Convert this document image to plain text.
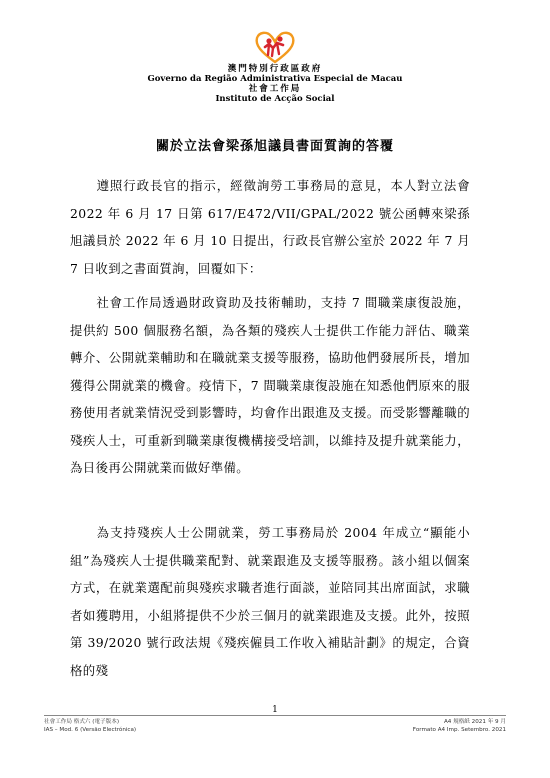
澳門特別行政區政府
Governo da Região Administrativa Especial de Macau
社會工作局
Instituto de Acção Social
關於立法會梁孫旭議員書面質詢的答覆
遵照行政長官的指示，經徵詢勞工事務局的意見，本人對立法會 2022 年 6 月 17 日第 617/E472/VII/GPAL/2022 號公函轉來梁孫旭議員於 2022 年 6 月 10 日提出，行政長官辦公室於 2022 年 7 月 7 日收到之書面質詢，回覆如下：
社會工作局透過財政資助及技術輔助，支持 7 間職業康復設施，提供約 500 個服務名額，為各類的殘疾人士提供工作能力評估、職業轉介、公開就業輔助和在職就業支援等服務，協助他們發展所長，增加獲得公開就業的機會。疫情下，7 間職業康復設施在知悉他們原來的服務使用者就業情況受到影響時，均會作出跟進及支援。而受影響離職的殘疾人士，可重新到職業康復機構接受培訓，以維持及提升就業能力，為日後再公開就業而做好準備。
為支持殘疾人士公開就業，勞工事務局於 2004 年成立“顯能小組”為殘疾人士提供職業配對、就業跟進及支援等服務。該小組以個案方式，在就業選配前與殘疾求職者進行面談，並陪同其出席面試，求職者如獲聘用，小組將提供不少於三個月的就業跟進及支援。此外，按照第 39/2020 號行政法規《殘疾僱員工作收入補貼計劃》的規定，合資格的殘
1
社會工作局 格式六 (電子版本)
IAS – Mod. 6 (Versão Electrónica)
A4 規格紙 2021 年 9 月
Formato A4 Imp. Setembro. 2021
